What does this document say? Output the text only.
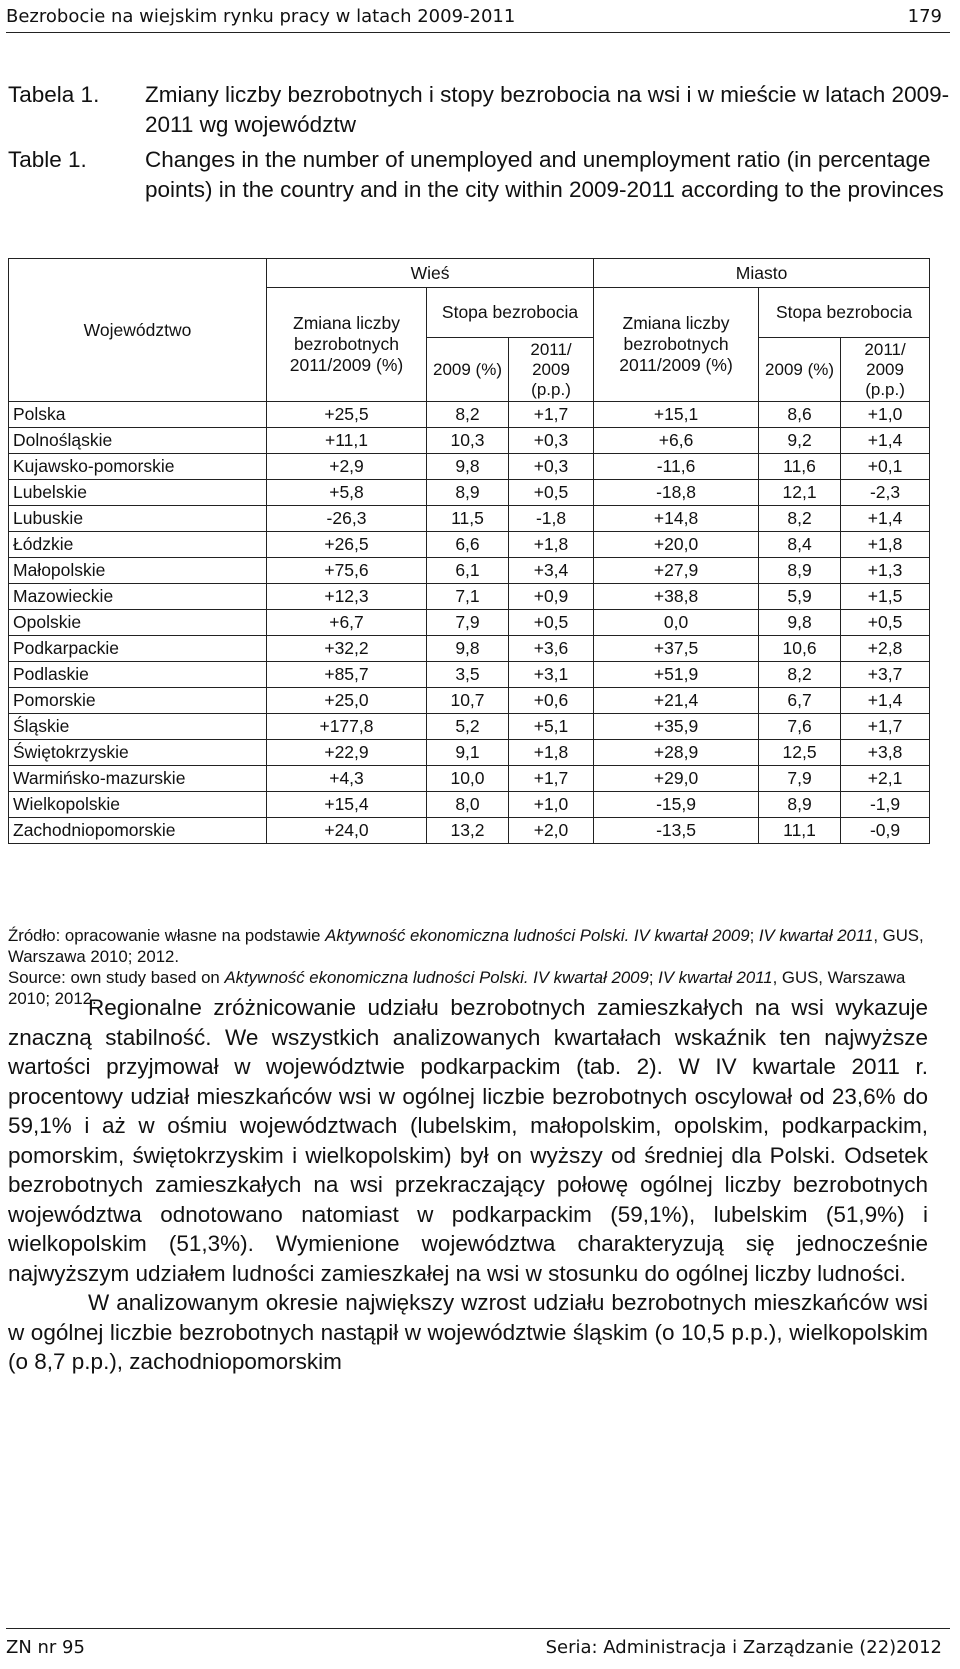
Bezrobocie na wiejskim rynku pracy w latach 2009-2011	179
Tabela 1.	Zmiany liczby bezrobotnych i stopy bezrobocia na wsi i w mieście w latach 2009-2011 wg województw
Table 1.	Changes in the number of unemployed and unemployment ratio (in percentage points) in the country and in the city within 2009-2011 according to the provinces
Województwo	Wieś			Miasto		
	Zmiana liczby bezrobotnych 2011/2009 (%)	Stopa bezrobocia		Zmiana liczby bezrobotnych 2011/2009 (%)	Stopa bezrobocia	
		2009 (%)	2011/ 2009 (p.p.)		2009 (%)	2011/ 2009 (p.p.)
Polska	+25,5	8,2	+1,7	+15,1	8,6	+1,0
Dolnośląskie	+11,1	10,3	+0,3	+6,6	9,2	+1,4
Kujawsko-pomorskie	+2,9	9,8	+0,3	-11,6	11,6	+0,1
Lubelskie	+5,8	8,9	+0,5	-18,8	12,1	-2,3
Lubuskie	-26,3	11,5	-1,8	+14,8	8,2	+1,4
Łódzkie	+26,5	6,6	+1,8	+20,0	8,4	+1,8
Małopolskie	+75,6	6,1	+3,4	+27,9	8,9	+1,3
Mazowieckie	+12,3	7,1	+0,9	+38,8	5,9	+1,5
Opolskie	+6,7	7,9	+0,5	0,0	9,8	+0,5
Podkarpackie	+32,2	9,8	+3,6	+37,5	10,6	+2,8
Podlaskie	+85,7	3,5	+3,1	+51,9	8,2	+3,7
Pomorskie	+25,0	10,7	+0,6	+21,4	6,7	+1,4
Śląskie	+177,8	5,2	+5,1	+35,9	7,6	+1,7
Świętokrzyskie	+22,9	9,1	+1,8	+28,9	12,5	+3,8
Warmińsko-mazurskie	+4,3	10,0	+1,7	+29,0	7,9	+2,1
Wielkopolskie	+15,4	8,0	+1,0	-15,9	8,9	-1,9
Zachodniopomorskie	+24,0	13,2	+2,0	-13,5	11,1	-0,9

Źródło: opracowanie własne na podstawie Aktywność ekonomiczna ludności Polski. IV kwartał 2009; IV kwartał 2011, GUS, Warszawa 2010; 2012.

Source: own study based on Aktywność ekonomiczna ludności Polski. IV kwartał 2009; IV kwartał 2011, GUS, Warszawa 2010; 2012.

Regionalne zróżnicowanie udziału bezrobotnych zamieszkałych na wsi wykazuje znaczną stabilność. We wszystkich analizowanych kwartałach wskaźnik ten najwyższe wartości przyjmował w województwie podkarpackim (tab. 2). W IV kwartale 2011 r. procentowy udział mieszkańców wsi w ogólnej liczbie bezrobotnych oscylował od 23,6% do 59,1% i aż w ośmiu województwach (lubelskim, małopolskim, opolskim, podkarpackim, pomorskim, świętokrzyskim i wielkopolskim) był on wyższy od średniej dla Polski. Odsetek bezrobotnych zamieszkałych na wsi przekraczający połowę ogólnej liczby bezrobotnych województwa odnotowano natomiast w podkarpackim (59,1%), lubelskim (51,9%) i wielkopolskim (51,3%). Wymienione województwa charakteryzują się jednocześnie najwyższym udziałem ludności zamieszkałej na wsi w stosunku do ogólnej liczby ludności.

W analizowanym okresie największy wzrost udziału bezrobotnych mieszkańców wsi w ogólnej liczbie bezrobotnych nastąpił w województwie śląskim (o 10,5 p.p.), wielkopolskim (o 8,7 p.p.), zachodniopomorskim

ZN nr 95	Seria: Administracja i Zarządzanie (22)2012
